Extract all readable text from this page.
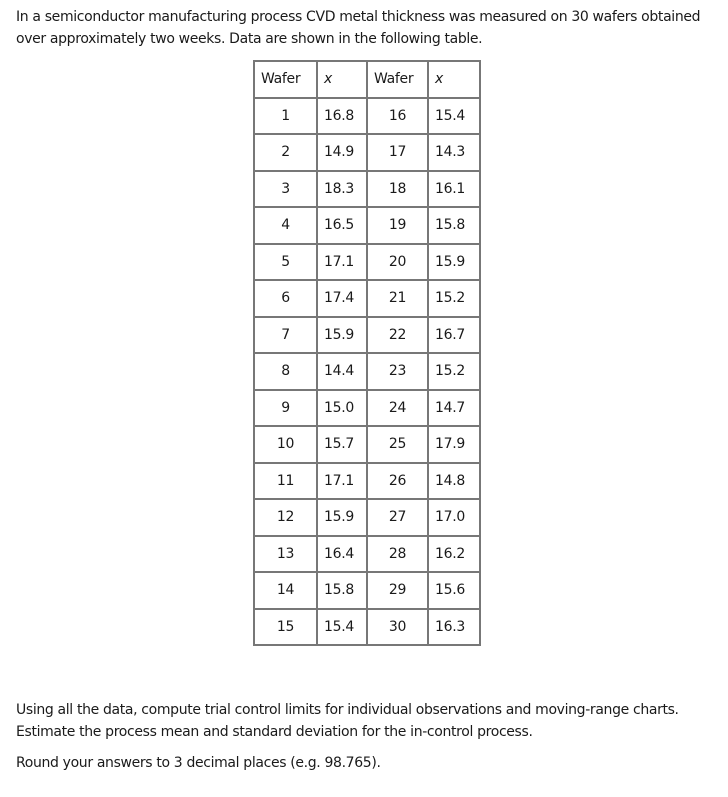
In a semiconductor manufacturing process CVD metal thickness was measured on 30 wafers obtained over approximately two weeks. Data are shown in the following table.

Wafer	x	Wafer	x
1	16.8	16	15.4
2	14.9	17	14.3
3	18.3	18	16.1
4	16.5	19	15.8
5	17.1	20	15.9
6	17.4	21	15.2
7	15.9	22	16.7
8	14.4	23	15.2
9	15.0	24	14.7
10	15.7	25	17.9
11	17.1	26	14.8
12	15.9	27	17.0
13	16.4	28	16.2
14	15.8	29	15.6
15	15.4	30	16.3

Using all the data, compute trial control limits for individual observations and moving-range charts. Estimate the process mean and standard deviation for the in-control process.

Round your answers to 3 decimal places (e.g. 98.765).
